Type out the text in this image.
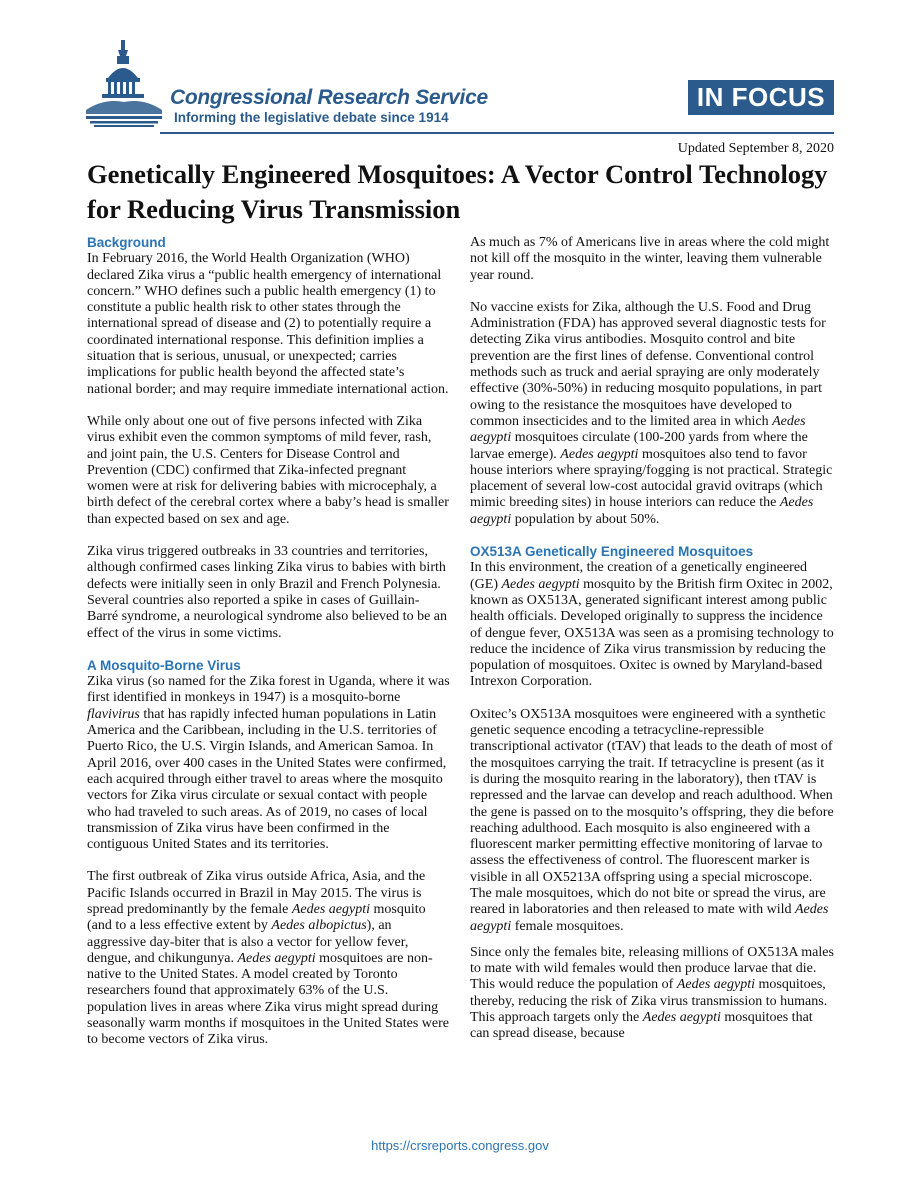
Congressional Research Service
Informing the legislative debate since 1914
IN FOCUS
Updated September 8, 2020
Genetically Engineered Mosquitoes: A Vector Control Technology for Reducing Virus Transmission
Background

In February 2016, the World Health Organization (WHO) declared Zika virus a “public health emergency of international concern.” WHO defines such a public health emergency (1) to constitute a public health risk to other states through the international spread of disease and (2) to potentially require a coordinated international response. This definition implies a situation that is serious, unusual, or unexpected; carries implications for public health beyond the affected state’s national border; and may require immediate international action.

While only about one out of five persons infected with Zika virus exhibit even the common symptoms of mild fever, rash, and joint pain, the U.S. Centers for Disease Control and Prevention (CDC) confirmed that Zika-infected pregnant women were at risk for delivering babies with microcephaly, a birth defect of the cerebral cortex where a baby’s head is smaller than expected based on sex and age.

Zika virus triggered outbreaks in 33 countries and territories, although confirmed cases linking Zika virus to babies with birth defects were initially seen in only Brazil and French Polynesia. Several countries also reported a spike in cases of Guillain-Barré syndrome, a neurological syndrome also believed to be an effect of the virus in some victims.

A Mosquito-Borne Virus

Zika virus (so named for the Zika forest in Uganda, where it was first identified in monkeys in 1947) is a mosquito-borne flavivirus that has rapidly infected human populations in Latin America and the Caribbean, including in the U.S. territories of Puerto Rico, the U.S. Virgin Islands, and American Samoa. In April 2016, over 400 cases in the United States were confirmed, each acquired through either travel to areas where the mosquito vectors for Zika virus circulate or sexual contact with people who had traveled to such areas. As of 2019, no cases of local transmission of Zika virus have been confirmed in the contiguous United States and its territories.

The first outbreak of Zika virus outside Africa, Asia, and the Pacific Islands occurred in Brazil in May 2015. The virus is spread predominantly by the female Aedes aegypti mosquito (and to a less effective extent by Aedes albopictus), an aggressive day-biter that is also a vector for yellow fever, dengue, and chikungunya. Aedes aegypti mosquitoes are non-native to the United States. A model created by Toronto researchers found that approximately 63% of the U.S. population lives in areas where Zika virus might spread during seasonally warm months if mosquitoes in the United States were to become vectors of Zika virus.

As much as 7% of Americans live in areas where the cold might not kill off the mosquito in the winter, leaving them vulnerable year round.

No vaccine exists for Zika, although the U.S. Food and Drug Administration (FDA) has approved several diagnostic tests for detecting Zika virus antibodies. Mosquito control and bite prevention are the first lines of defense. Conventional control methods such as truck and aerial spraying are only moderately effective (30%-50%) in reducing mosquito populations, in part owing to the resistance the mosquitoes have developed to common insecticides and to the limited area in which Aedes aegypti mosquitoes circulate (100-200 yards from where the larvae emerge). Aedes aegypti mosquitoes also tend to favor house interiors where spraying/fogging is not practical. Strategic placement of several low-cost autocidal gravid ovitraps (which mimic breeding sites) in house interiors can reduce the Aedes aegypti population by about 50%.

OX513A Genetically Engineered Mosquitoes

In this environment, the creation of a genetically engineered (GE) Aedes aegypti mosquito by the British firm Oxitec in 2002, known as OX513A, generated significant interest among public health officials. Developed originally to suppress the incidence of dengue fever, OX513A was seen as a promising technology to reduce the incidence of Zika virus transmission by reducing the population of mosquitoes. Oxitec is owned by Maryland-based Intrexon Corporation.

Oxitec’s OX513A mosquitoes were engineered with a synthetic genetic sequence encoding a tetracycline-repressible transcriptional activator (tTAV) that leads to the death of most of the mosquitoes carrying the trait. If tetracycline is present (as it is during the mosquito rearing in the laboratory), then tTAV is repressed and the larvae can develop and reach adulthood. When the gene is passed on to the mosquito’s offspring, they die before reaching adulthood. Each mosquito is also engineered with a fluorescent marker permitting effective monitoring of larvae to assess the effectiveness of control. The fluorescent marker is visible in all OX5213A offspring using a special microscope. The male mosquitoes, which do not bite or spread the virus, are reared in laboratories and then released to mate with wild Aedes aegypti female mosquitoes.

Since only the females bite, releasing millions of OX513A males to mate with wild females would then produce larvae that die. This would reduce the population of Aedes aegypti mosquitoes, thereby, reducing the risk of Zika virus transmission to humans. This approach targets only the Aedes aegypti mosquitoes that can spread disease, because

https://crsreports.congress.gov
